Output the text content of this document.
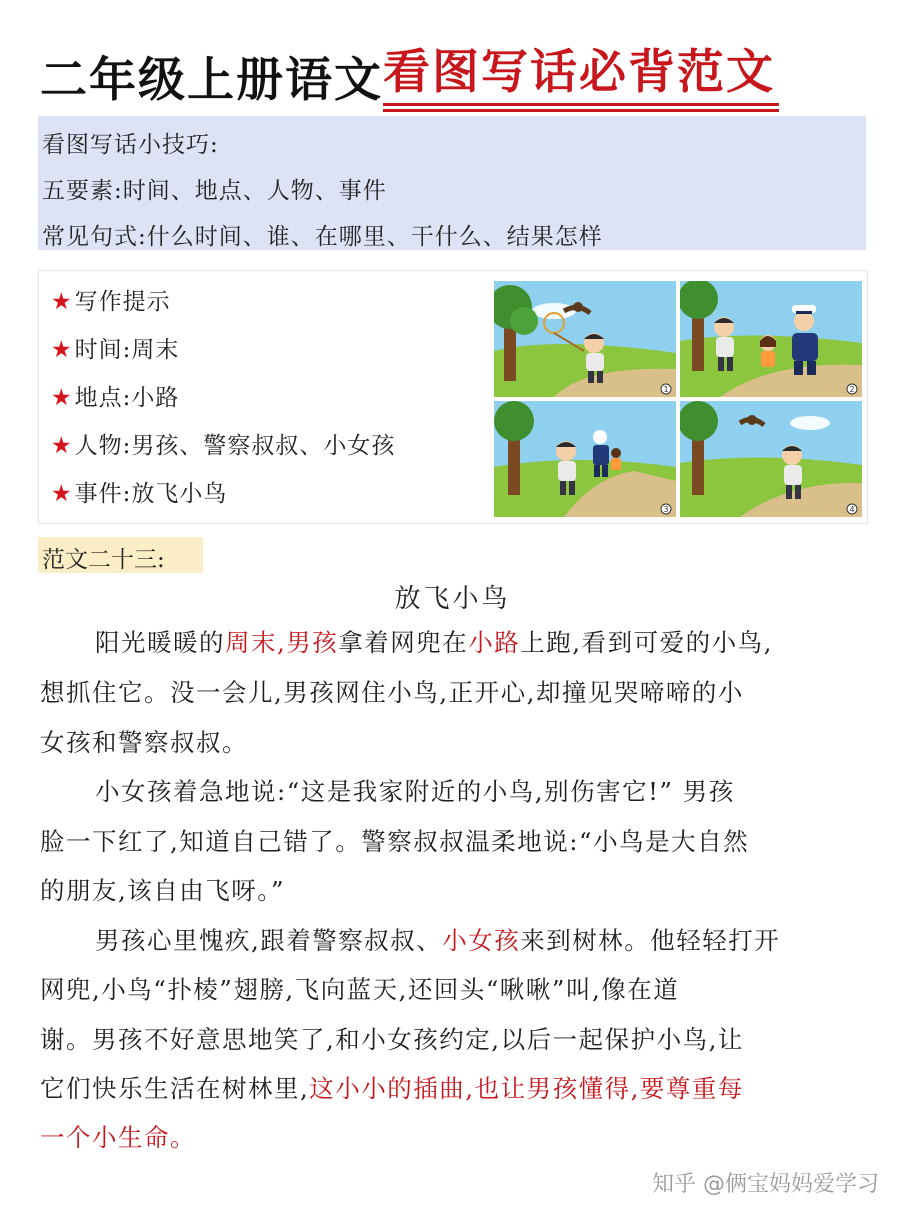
二年级上册语文 看图写话必背范文
看图写话小技巧:
五要素:时间、地点、人物、事件
常见句式:什么时间、谁、在哪里、干什么、结果怎样
★写作提示
★时间:周末
★地点:小路
★人物:男孩、警察叔叔、小女孩
★事件:放飞小鸟
1	2
3	4
范文二十三:
放飞小鸟
阳光暖暖的周末,男孩拿着网兜在小路上跑,看到可爱的小鸟,
想抓住它。没一会儿,男孩网住小鸟,正开心,却撞见哭啼啼的小
女孩和警察叔叔。
小女孩着急地说:“这是我家附近的小鸟,别伤害它!” 男孩
脸一下红了,知道自己错了。警察叔叔温柔地说:“小鸟是大自然
的朋友,该自由飞呀。”
男孩心里愧疚,跟着警察叔叔、小女孩来到树林。他轻轻打开
网兜,小鸟“扑棱”翅膀,飞向蓝天,还回头“啾啾”叫,像在道
谢。男孩不好意思地笑了,和小女孩约定,以后一起保护小鸟,让
它们快乐生活在树林里,这小小的插曲,也让男孩懂得,要尊重每
一个小生命。
知乎 @俩宝妈妈爱学习
